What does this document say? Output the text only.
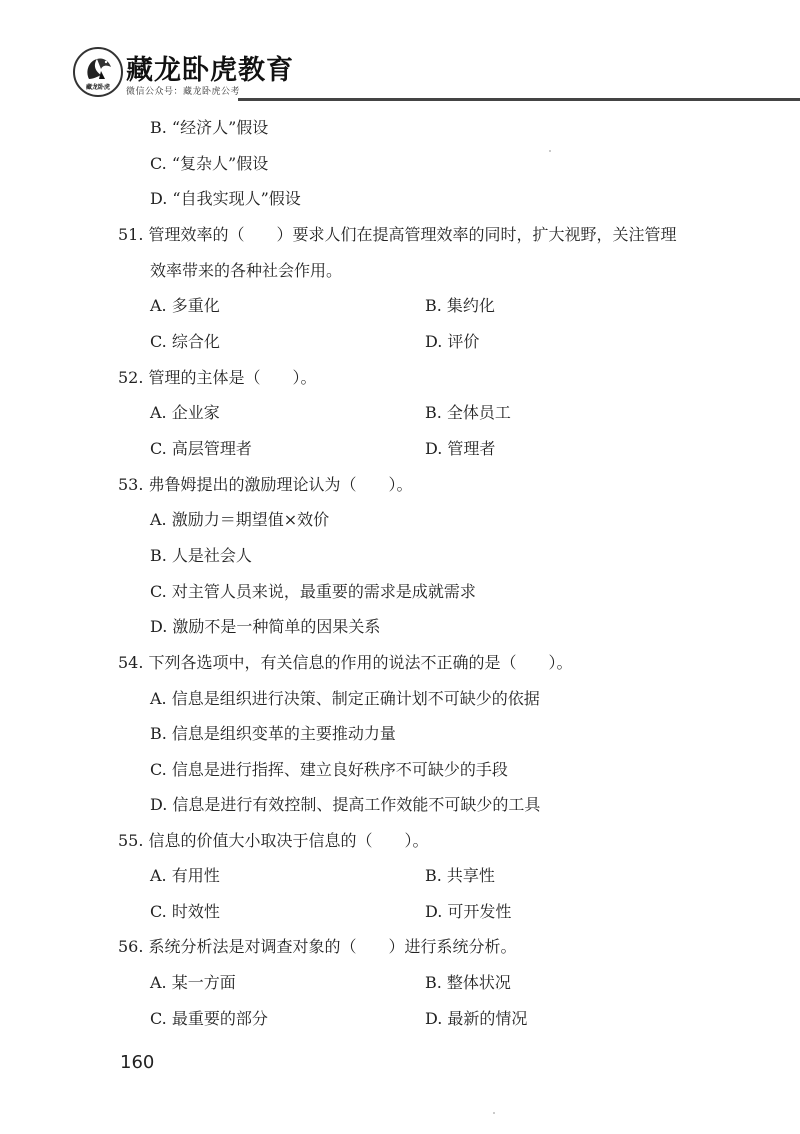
藏龙卧虎
藏龙卧虎教育
微信公众号：藏龙卧虎公考
B. “经济人”假设
C. “复杂人”假设
D. “自我实现人”假设
51. 管理效率的（　　）要求人们在提高管理效率的同时，扩大视野，关注管理
效率带来的各种社会作用。
A. 多重化	B. 集约化
C. 综合化	D. 评价
52. 管理的主体是（　　）。
A. 企业家	B. 全体员工
C. 高层管理者	D. 管理者
53. 弗鲁姆提出的激励理论认为（　　）。
A. 激励力＝期望值×效价
B. 人是社会人
C. 对主管人员来说，最重要的需求是成就需求
D. 激励不是一种简单的因果关系
54. 下列各选项中，有关信息的作用的说法不正确的是（　　）。
A. 信息是组织进行决策、制定正确计划不可缺少的依据
B. 信息是组织变革的主要推动力量
C. 信息是进行指挥、建立良好秩序不可缺少的手段
D. 信息是进行有效控制、提高工作效能不可缺少的工具
55. 信息的价值大小取决于信息的（　　）。
A. 有用性	B. 共享性
C. 时效性	D. 可开发性
56. 系统分析法是对调查对象的（　　）进行系统分析。
A. 某一方面	B. 整体状况
C. 最重要的部分	D. 最新的情况
160
